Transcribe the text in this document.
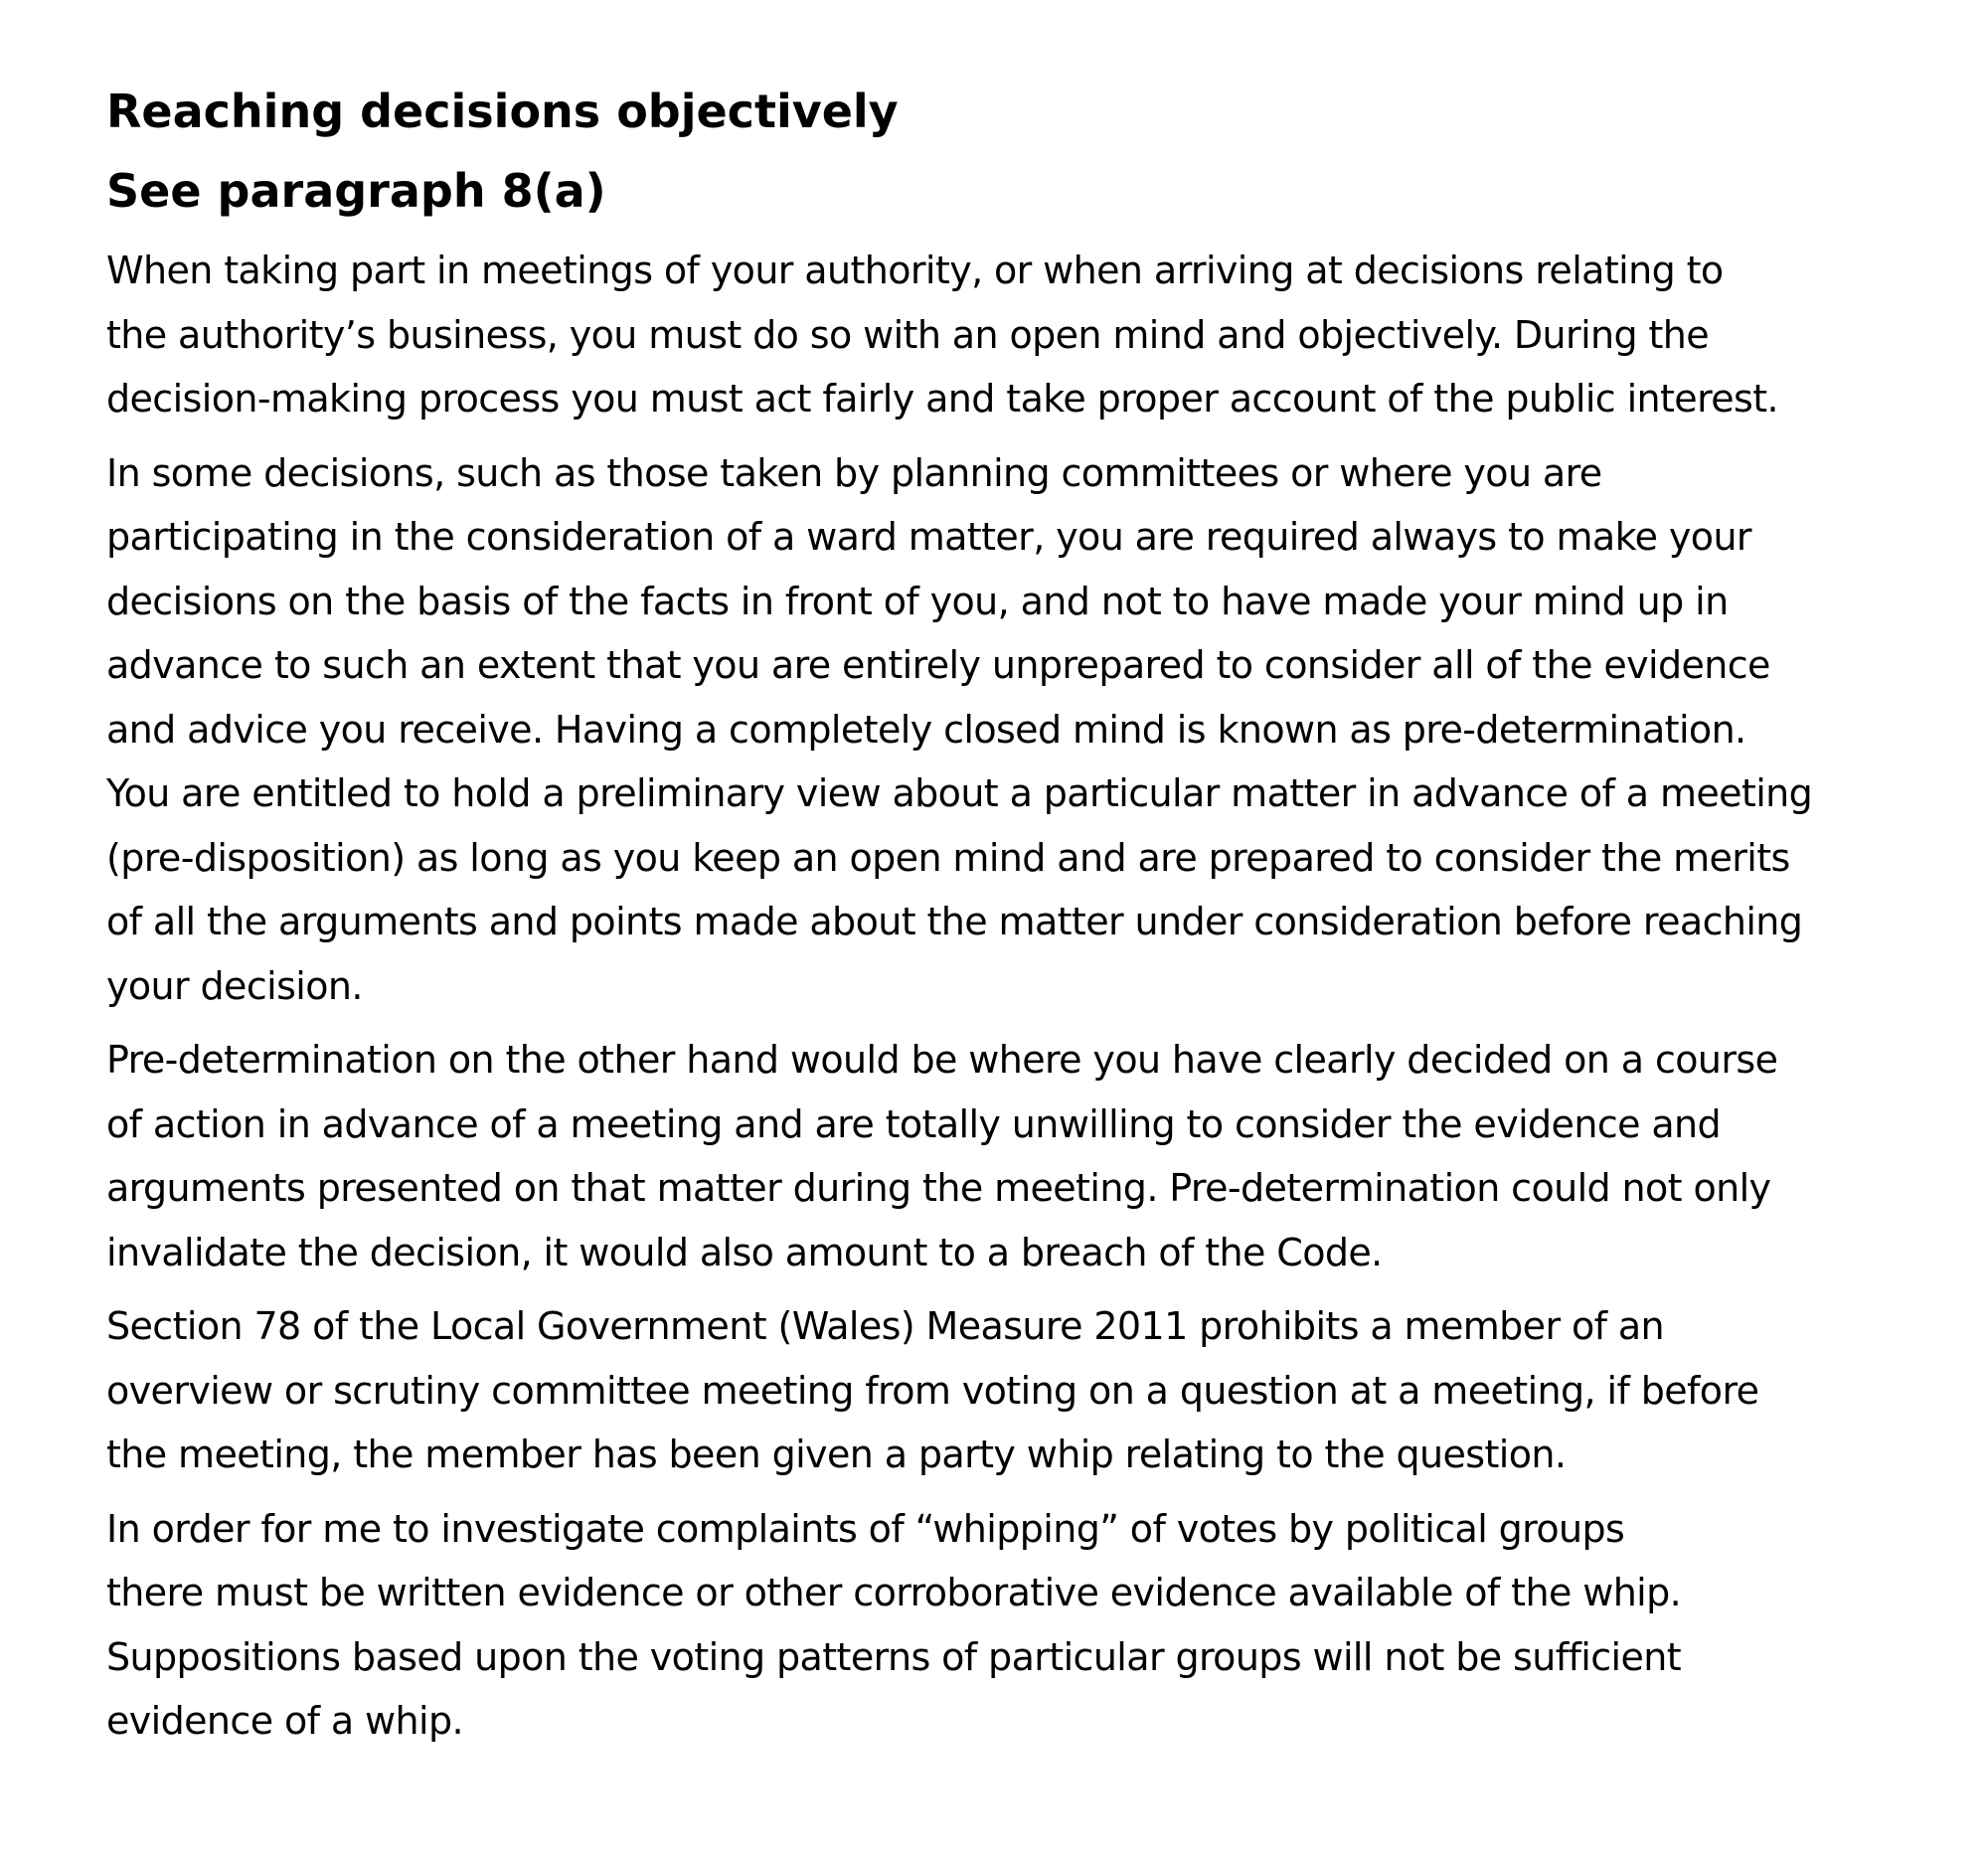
Reaching decisions objectively
See paragraph 8(a)

When taking part in meetings of your authority, or when arriving at decisions relating to
the authority’s business, you must do so with an open mind and objectively. During the
decision-making process you must act fairly and take proper account of the public interest.

In some decisions, such as those taken by planning committees or where you are
participating in the consideration of a ward matter, you are required always to make your
decisions on the basis of the facts in front of you, and not to have made your mind up in
advance to such an extent that you are entirely unprepared to consider all of the evidence
and advice you receive. Having a completely closed mind is known as pre-determination.
You are entitled to hold a preliminary view about a particular matter in advance of a meeting
(pre-disposition) as long as you keep an open mind and are prepared to consider the merits
of all the arguments and points made about the matter under consideration before reaching
your decision.

Pre-determination on the other hand would be where you have clearly decided on a course
of action in advance of a meeting and are totally unwilling to consider the evidence and
arguments presented on that matter during the meeting. Pre-determination could not only
invalidate the decision, it would also amount to a breach of the Code.

Section 78 of the Local Government (Wales) Measure 2011 prohibits a member of an
overview or scrutiny committee meeting from voting on a question at a meeting, if before
the meeting, the member has been given a party whip relating to the question.

In order for me to investigate complaints of “whipping” of votes by political groups
there must be written evidence or other corroborative evidence available of the whip.
Suppositions based upon the voting patterns of particular groups will not be sufficient
evidence of a whip.
